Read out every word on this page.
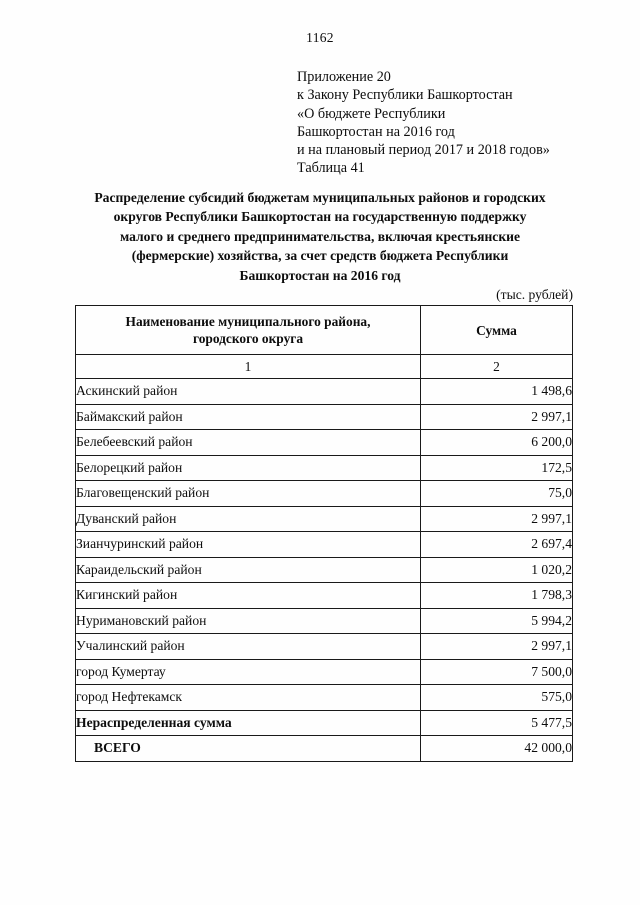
1162
Приложение 20
к Закону Республики Башкортостан
«О бюджете Республики
Башкортостан на 2016 год
и на плановый период 2017 и 2018 годов»
Таблица 41
Распределение субсидий бюджетам муниципальных районов и городских
округов Республики Башкортостан на государственную поддержку
малого и среднего предпринимательства, включая крестьянские
(фермерские) хозяйства, за счет средств бюджета Республики
Башкортостан на 2016 год
(тыс. рублей)
Наименование муниципального района,
городского округа	Сумма
1	2
Аскинский район	1 498,6
Баймакский район	2 997,1
Белебеевский район	6 200,0
Белорецкий район	172,5
Благовещенский район	75,0
Дуванский район	2 997,1
Зианчуринский район	2 697,4
Караидельский район	1 020,2
Кигинский район	1 798,3
Нуримановский район	5 994,2
Учалинский район	2 997,1
город Кумертау	7 500,0
город Нефтекамск	575,0
Нераспределенная сумма	5 477,5
ВСЕГО	42 000,0
